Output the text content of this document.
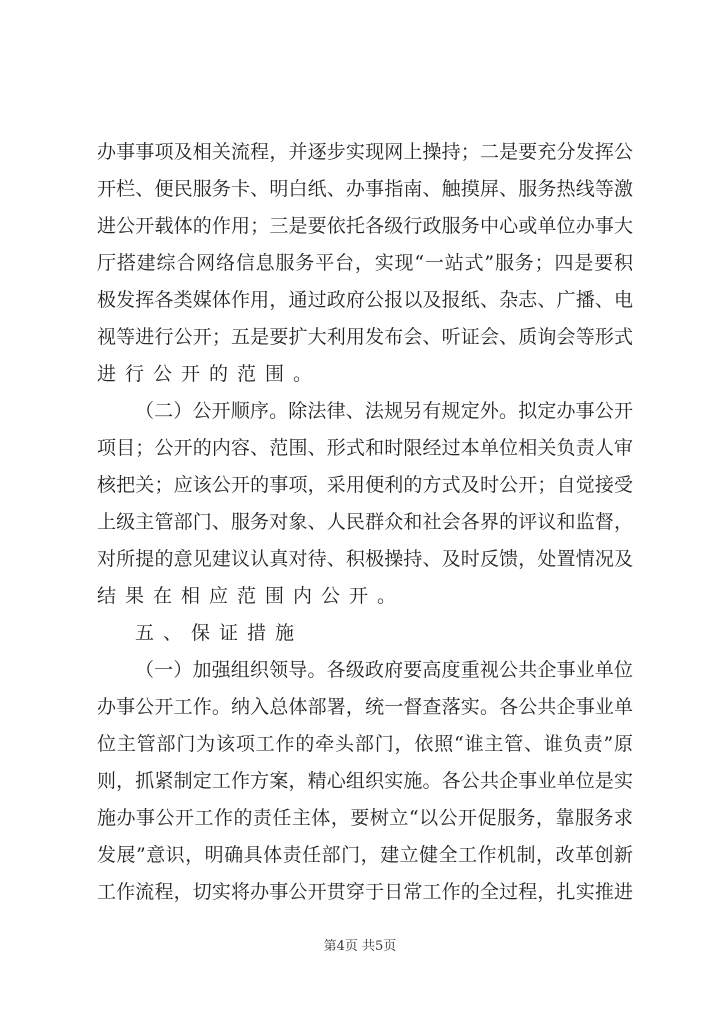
办事事项及相关流程，并逐步实现网上操持；二是要充分发挥公
开栏、便民服务卡、明白纸、办事指南、触摸屏、服务热线等激
进公开载体的作用；三是要依托各级行政服务中心或单位办事大
厅搭建综合网络信息服务平台，实现“一站式”服务；四是要积
极发挥各类媒体作用，通过政府公报以及报纸、杂志、广播、电
视等进行公开；五是要扩大利用发布会、听证会、质询会等形式
进行公开的范围。
（二）公开顺序。除法律、法规另有规定外。拟定办事公开
项目；公开的内容、范围、形式和时限经过本单位相关负责人审
核把关；应该公开的事项，采用便利的方式及时公开；自觉接受
上级主管部门、服务对象、人民群众和社会各界的评议和监督，
对所提的意见建议认真对待、积极操持、及时反馈，处置情况及
结果在相应范围内公开。
五、保证措施
（一）加强组织领导。各级政府要高度重视公共企事业单位
办事公开工作。纳入总体部署，统一督查落实。各公共企事业单
位主管部门为该项工作的牵头部门，依照“谁主管、谁负责”原
则，抓紧制定工作方案，精心组织实施。各公共企事业单位是实
施办事公开工作的责任主体，要树立“以公开促服务，靠服务求
发展”意识，明确具体责任部门，建立健全工作机制，改革创新
工作流程，切实将办事公开贯穿于日常工作的全过程，扎实推进
第4页 共5页
